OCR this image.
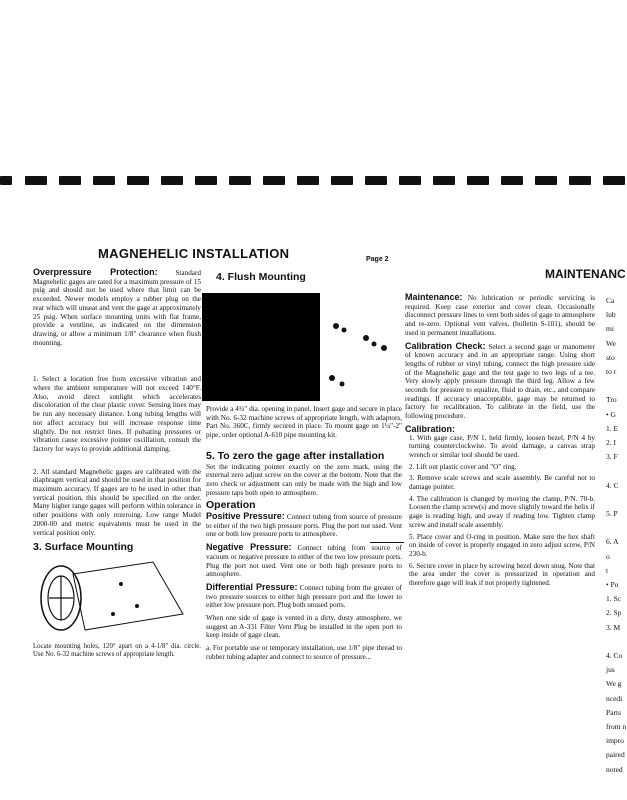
MAGNEHELIC INSTALLATION	Page 2
MAINTENANC

Overpressure Protection: Standard Magnehelic gages are rated for a maximum pressure of 15 psig and should not be used where that limit can be exceeded. Newer models employ a rubber plug on the rear which will unseat and vent the gage at approximately 25 psig. When surface mounting units with flat frame, provide a ventline, as indicated on the dimension drawing, or allow a minimum 1/8" clearance when flush mounting.

1. Select a location free from excessive vibration and where the ambient temperature will not exceed 140°F. Also, avoid direct sunlight which accelerates discoloration of the clear plastic cover. Sensing lines may be run any necessary distance. Long tubing lengths will not affect accuracy but will increase response time slightly. Do not restrict lines. If pulsating pressures or vibration cause excessive pointer oscillation, consult the factory for ways to provide additional damping.

2. All standard Magnehelic gages are calibrated with the diaphragm vertical and should be used in that position for maximum accuracy. If gages are to be used in other than vertical position, this should be specified on the order. Many higher range gages will perform within tolerance in other positions with only rezeroing. Low range Model 2000-00 and metric equivalents must be used in the vertical position only.

3. Surface Mounting

Locate mounting holes, 120° apart on a 4-1/8" dia. circle. Use No. 6-32 machine screws of appropriate length.

4. Flush Mounting

Provide a 4¾" dia. opening in panel. Insert gage and secure in place with No. 6-32 machine screws of appropriate length, with adaptors, Part No. 360C, firmly secured in place. To mount gage on 1¼"-2" pipe, order optional A-610 pipe mounting kit.

5. To zero the gage after installation

Set the indicating pointer exactly on the zero mark, using the external zero adjust screw on the cover at the bottom. Note that the zero check or adjustment can only be made with the high and low pressure taps both open to atmosphere.

Operation

Positive Pressure: Connect tubing from source of pressure to either of the two high pressure ports. Plug the port not used. Vent one or both low pressure ports to atmosphere.

Negative Pressure: Connect tubing from source of vacuum or negative pressure to either of the two low pressure ports. Plug the port not used. Vent one or both high pressure ports to atmosphere.

Differential Pressure: Connect tubing from the greater of two pressure sources to either high pressure port and the lower to either low pressure port. Plug both unused ports.

When one side of gage is vented in a dirty, dusty atmosphere, we suggest an A-331 Filter Vent Plug be installed in the open port to keep inside of gage clean.

a. For portable use or temporary installation, use 1/8" pipe thread to rubber tubing adapter and connect to source of pressure...

Maintenance: No lubrication or periodic servicing is required. Keep case exterior and cover clean. Occasionally disconnect pressure lines to vent both sides of gage to atmosphere and re-zero. Optional vent valves, (bulletin S-101), should be used in permanent installations.

Calibration Check: Select a second gage or manometer of known accuracy and in an appropriate range. Using short lengths of rubber or vinyl tubing, connect the high pressure side of the Magnehelic gage and the test gage to two legs of a tee. Very slowly apply pressure through the third leg. Allow a few seconds for pressure to equalize, fluid to drain, etc., and compare readings. If accuracy unacceptable, gage may be returned to factory for recalibration. To calibrate in the field, use the following procedure.

Calibration:
1. With gage case, P/N 1, held firmly, loosen bezel, P/N 4 by turning counterclockwise. To avoid damage, a canvas strap wrench or similar tool should be used.
2. Lift out plastic cover and "O" ring.
3. Remove scale screws and scale assembly. Be careful not to damage pointer.
4. The calibration is changed by moving the clamp, P/N. 70-b. Loosen the clamp screw(s) and move slightly toward the helix if gage is reading high, and away if reading low. Tighten clamp screw and install scale assembly.
5. Place cover and O-ring in position. Make sure the hex shaft on inside of cover is properly engaged in zero adjust screw, P/N 230-b.
6. Secure cover in place by screwing bezel down snug. Note that the area under the cover is pressurized in operation and therefore gage will leak if not properly tightened.
Ca
lub
mi
We
sto
to r
Tro
• G
1. E
2. I
3. F
4. C
5. P
6. A
o
t
• Po
1. Sc
2. Sp
3. M
4. Co
jus
We g
ncedi
Parts
from n
impro
paired
noted
